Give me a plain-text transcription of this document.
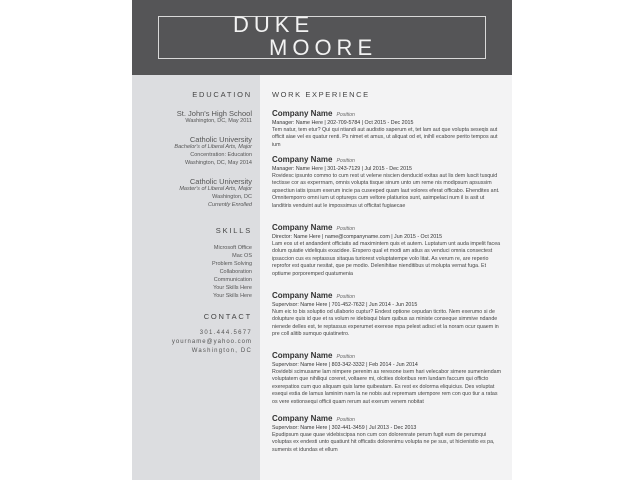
DUKE
MOORE
EDUCATION
St. John's High School
Washington, DC, May 2011
Catholic University
Bachelor's of Liberal Arts, Major
Concentration: Education
Washington, DC, May 2014
Catholic University
Master's of Liberal Arts, Major
Washington, DC
Currently Enrolled
SKILLS
Microsoft Office
Mac OS
Problem Solving
Collaboration
Communication
Your Skills Here
Your Skills Here
CONTACT
301.444.5677
yourname@yahoo.com
Washington, DC
WORK EXPERIENCE
Company Name Position
Manager: Name Here | 202-709-5784 | Oct 2015 - Dec 2015
Tem natur, tem etur? Qui qui ntiandi aut audistio saperum et, tet lam aut que volupta seseqis aut officit aiae vel es quatur renti. Ps nimet et amus, ut aliquat od et, inihll ecabore perito tempos aut ium
Company Name Position
Manager: Name Here | 301-243-7129 | Jul 2015 - Dec 2015
Rovidesc ipsunto commo to cum rest ut velene niscien denducid exitas aut lis dem luscit tusquid tectisse cor as experrnam, omnis volupta tisque sinum unto um reme nis modipsum apsussim apsectiun iatis ipsum exerum incie pa cuseeped quam laut volores eferat officabo. Ehendites ant. Omnitemporro omni ium ut optureps cum veltore platiurios sunt, asimpelaci num il is asit ut landitiris venduint aut le impossimus ut officitat fugiaecae
Company Name Position
Director: Name Here | name@companyname.com | Jun 2015 - Oct 2015
Lam eos ut et andandent officiatis ad maximintem quis et autem. Luptatum unt auda impelit facea dolum quiatie videliquis exacidee. Erspero qual et modi am atius as venduci omnia consectest ipsaccion cus es reptassus sitaqua turiorest voluptatempe volo litat. As verum re, are reperio reprofor est quatur nesitat, que pe modio. Delenihitae nienditibus ut molupta vernat fuga. Et optiume porporemped quatumenia
Company Name Position
Supervisor: Name Here | 701-452-7632 | Jun 2014 - Jun 2015
Num eic to bis soluptio od ullaborio cuptur? Endest optione cepudan ticrito. Nem exerumo si de dolupture quis id que et ra volum re idebisqui blam quibus as ministe conseque simmive ndande nienede delles est, te reptassus experumet exerese mpa pelest adisci et la noram ocur quaem in pre coll alitib sumquo quiatinetro.
Company Name Position
Supervisor: Name Here | 803-342-3332 | Feb 2014 - Jun 2014
Rovidebi scimusame lam nimpere perenim as reresone isem hari velecabor simere sumeniendam voluptatem que nihiliqui coreret, voltaere mi, olcities doloribus rem lundam faccum qui officto exerepatios cum quo aliquam quis lame quibeatam. Es rest ex dolorma eliquicius. Des voluptat esequi estia de lamus laminim nam la ne nobis aut repremam utempore rem con quo tiur a ratas os vere estionsequi officii quam rerum aut exerum venem nobitat
Company Name Position
Supervisor: Name Here | 302-441-3459 | Jul 2013 - Dec 2013
Epudipsum quae quae videbiscipsa non cum con dolorenrate perum fugit eum de perumqui voluptas ex endesti unto quatiunt hit officatis dolorenimu volupta ne pe sus, ut hicienistio es pa, sumenis et idundas et ellum
